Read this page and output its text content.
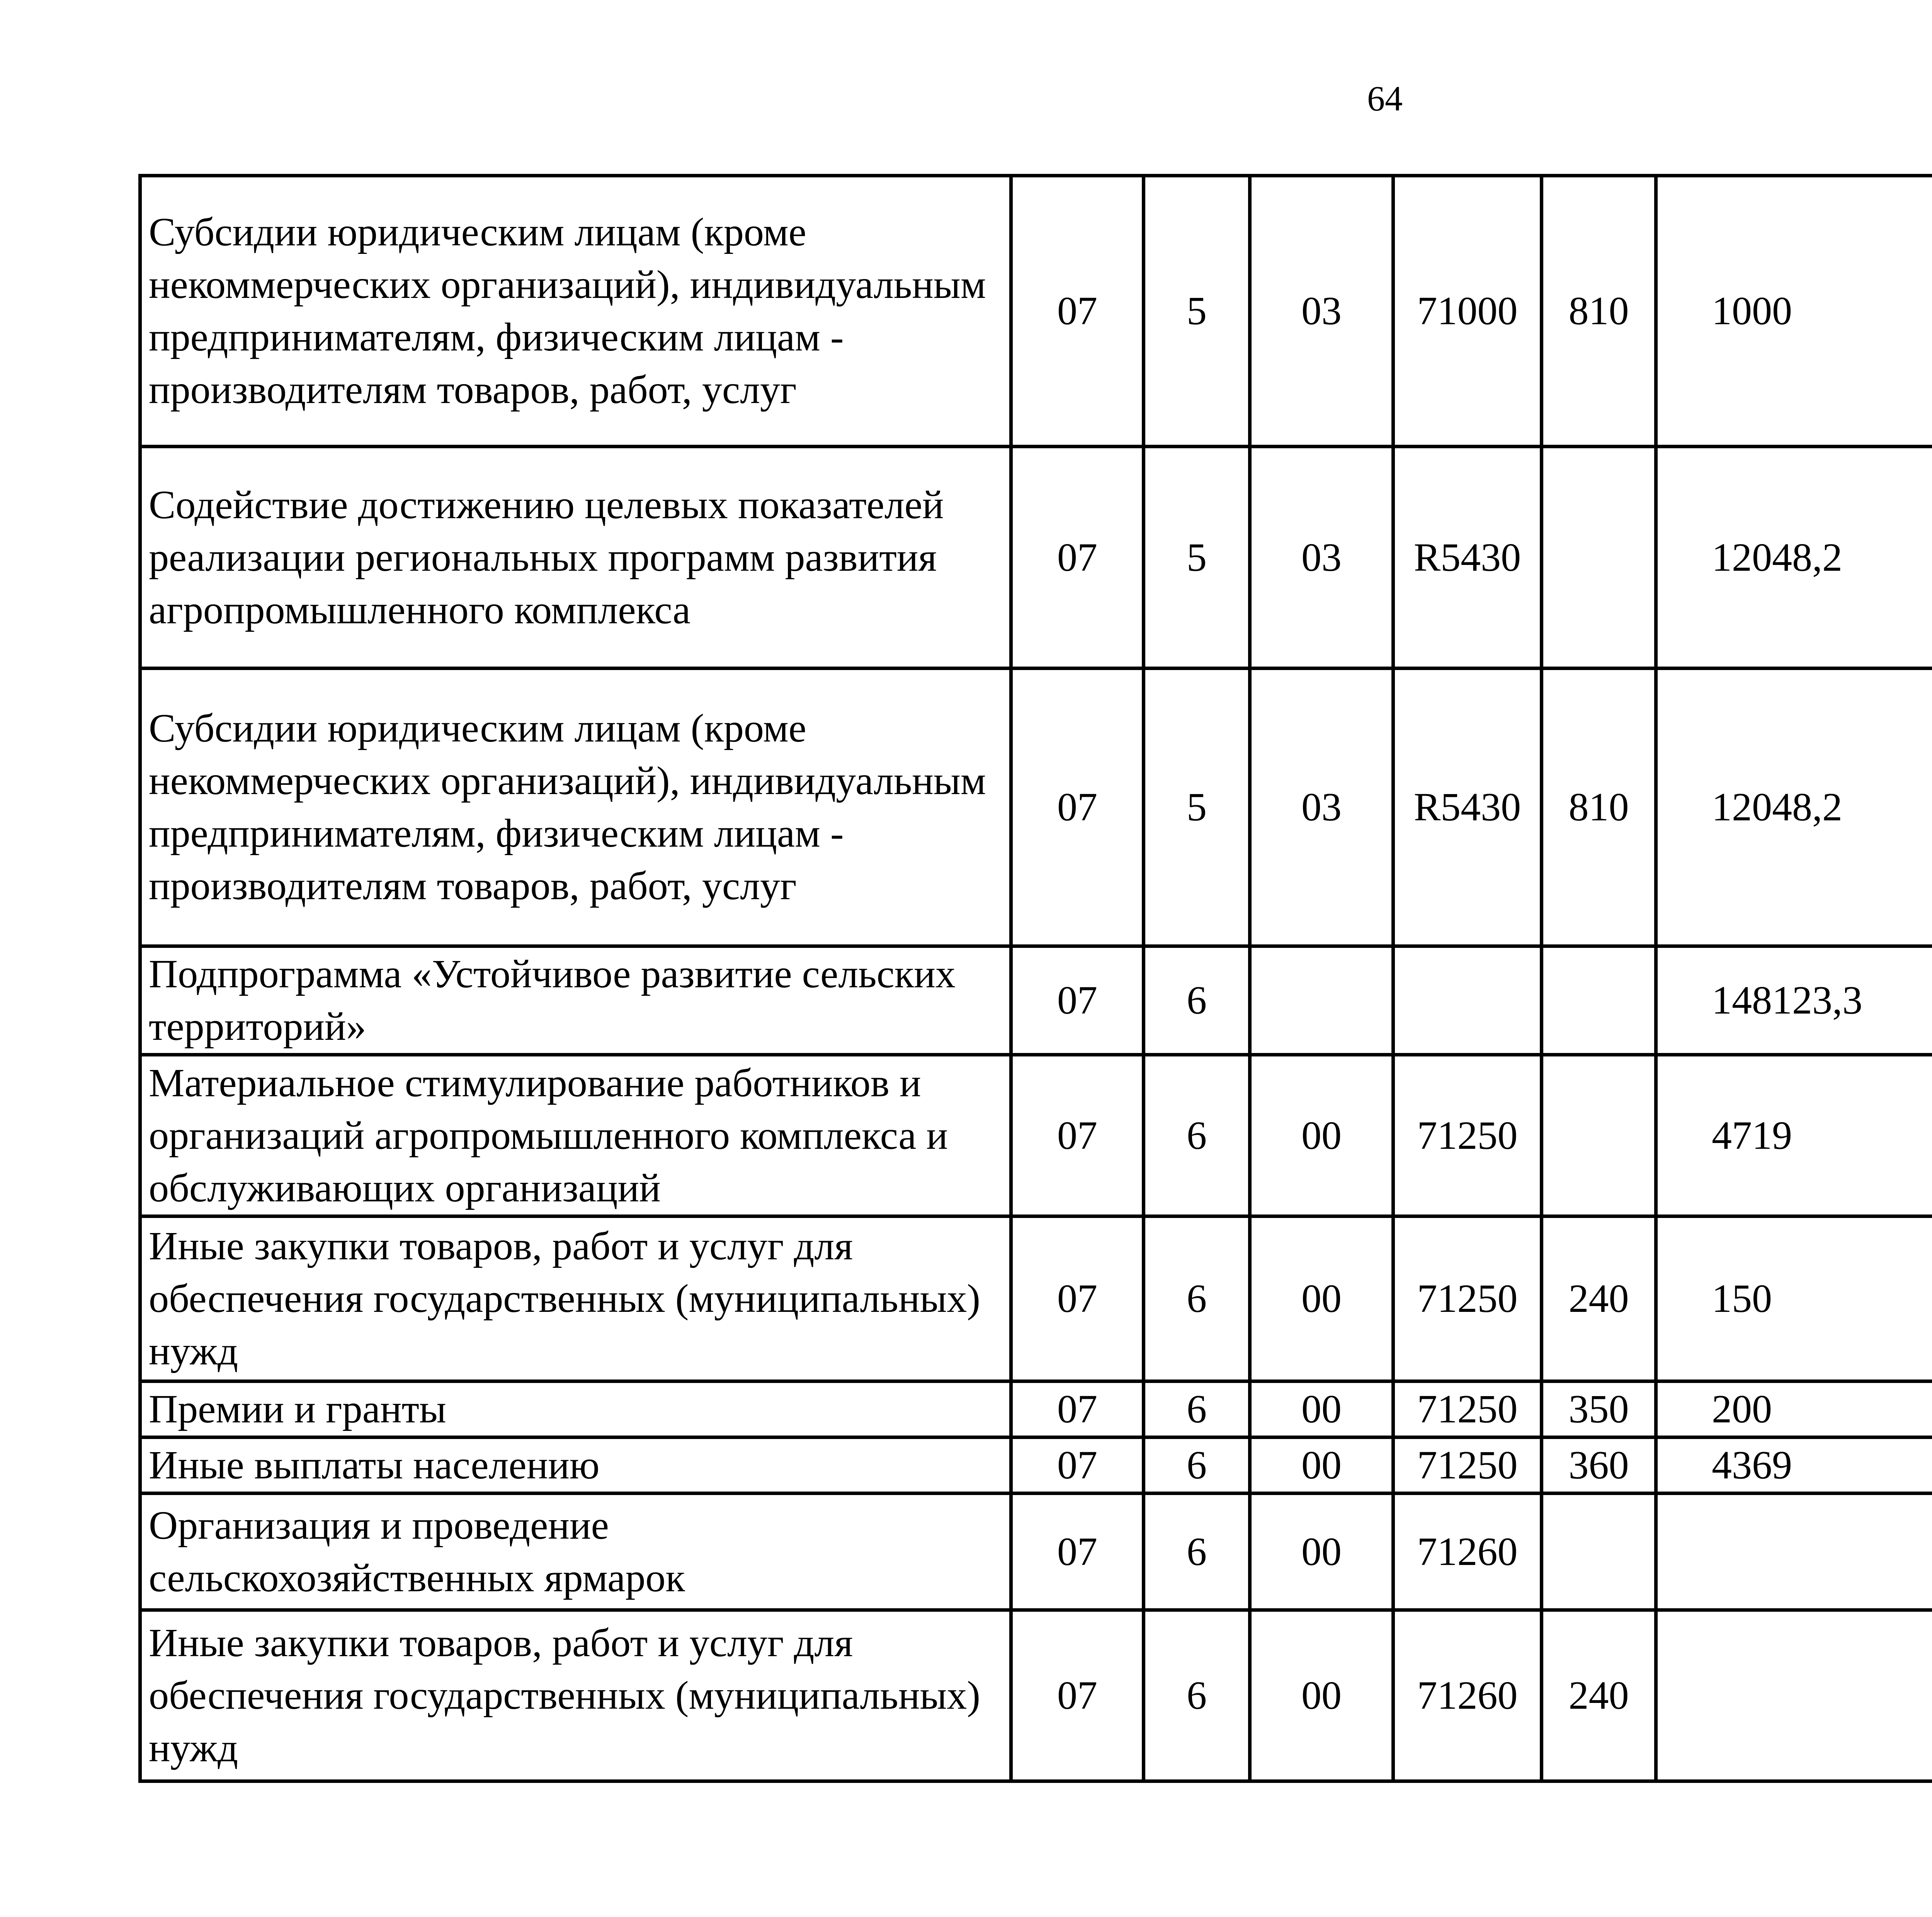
64
Субсидии юридическим лицам (кроме некоммерческих организаций), индивидуальным предпринимателям, физическим лицам - производителям товаров, работ, услуг	07	5	03	71000	810	1000		
Содействие достижению целевых показателей реализации региональных программ развития агропромышленного комплекса	07	5	03	R5430		12048,2		
Субсидии юридическим лицам (кроме некоммерческих организаций), индивидуальным предпринимателям, физическим лицам - производителям товаров, работ, услуг	07	5	03	R5430	810	12048,2		
Подпрограмма «Устойчивое развитие сельских территорий»	07	6				148123,3		
Материальное стимулирование работников и организаций агропромышленного комплекса и обслуживающих организаций	07	6	00	71250		4719		
Иные закупки товаров, работ и услуг для обеспечения государственных (муниципальных) нужд	07	6	00	71250	240	150		
Премии и гранты	07	6	00	71250	350	200		
Иные выплаты населению	07	6	00	71250	360	4369		
Организация и проведение сельскохозяйственных ярмарок	07	6	00	71260				
Иные закупки товаров, работ и услуг для обеспечения государственных (муниципальных) нужд	07	6	00	71260	240			
